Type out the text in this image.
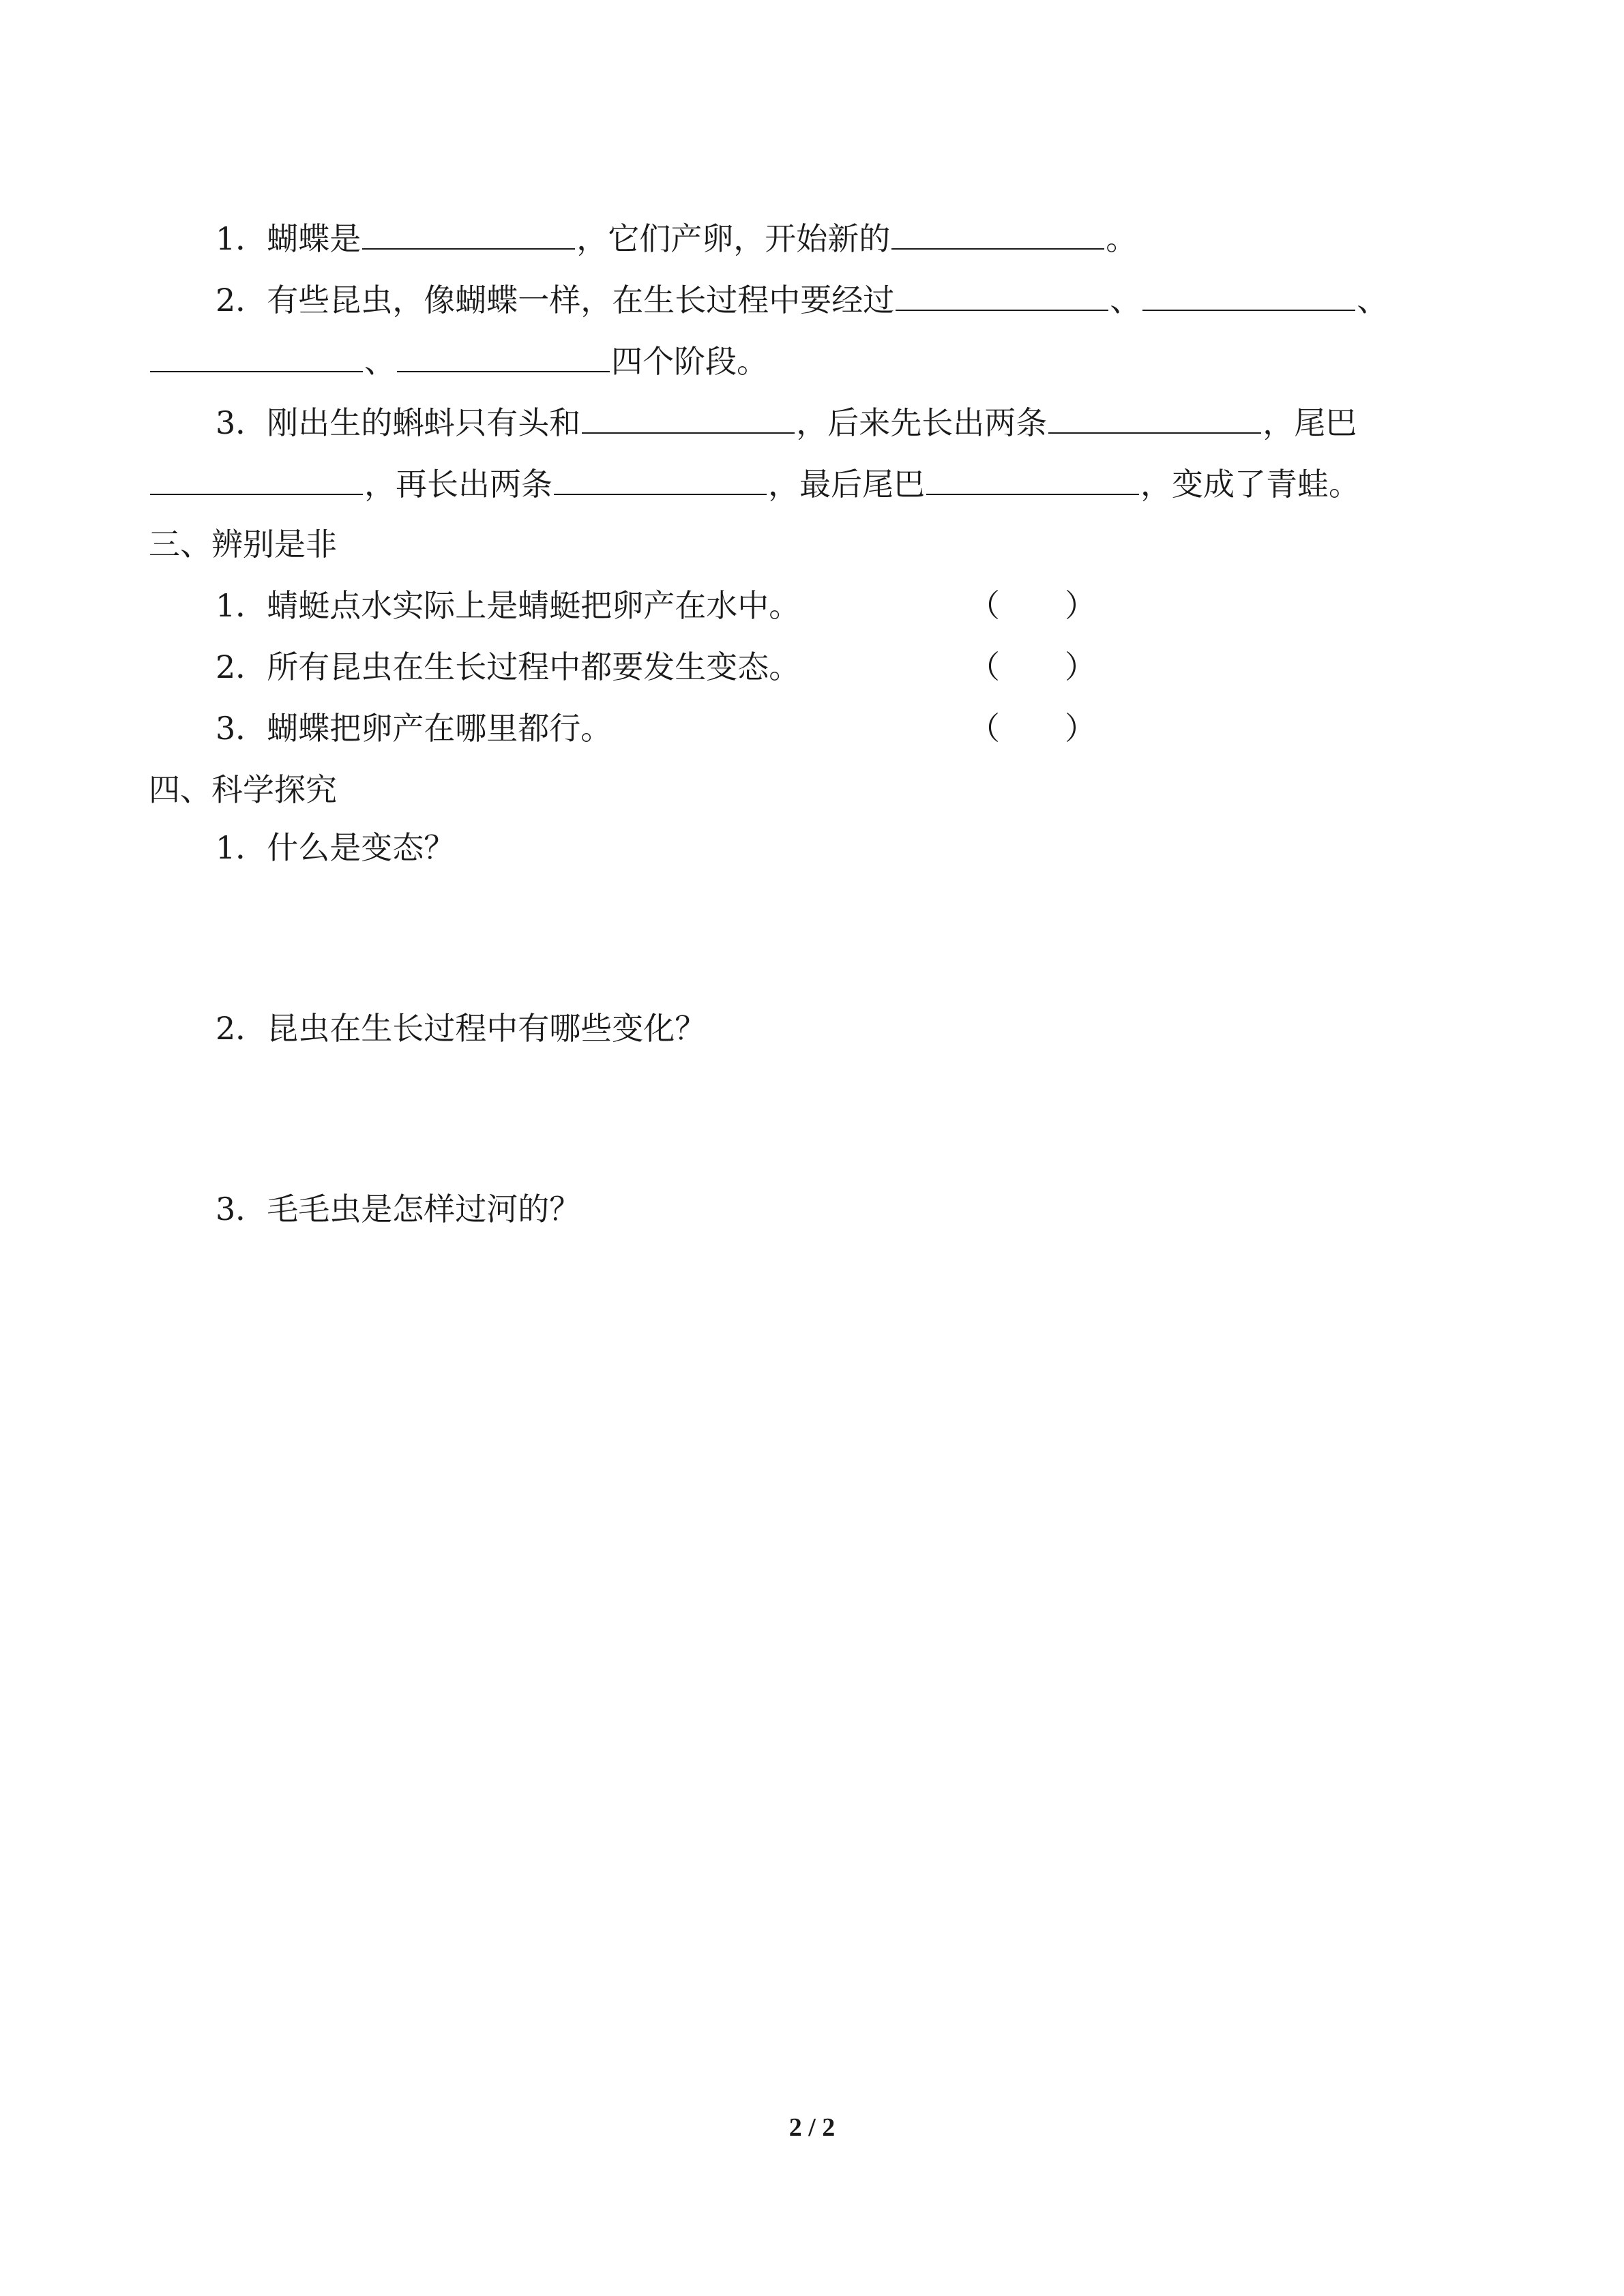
1．蝴蝶是	，它们产卵，开始新的	。
2．有些昆虫，像蝴蝶一样，在生长过程中要经过	、	、
、	四个阶段。
3．刚出生的蝌蚪只有头和	，后来先长出两条	，尾巴
，再长出两条	，最后尾巴	，变成了青蛙。
三、辨别是非
1．蜻蜓点水实际上是蜻蜓把卵产在水中。	（ ）
2．所有昆虫在生长过程中都要发生变态。	（ ）
3．蝴蝶把卵产在哪里都行。	（ ）
四、科学探究
1．什么是变态？
2．昆虫在生长过程中有哪些变化？
3．毛毛虫是怎样过河的？
2 / 2
